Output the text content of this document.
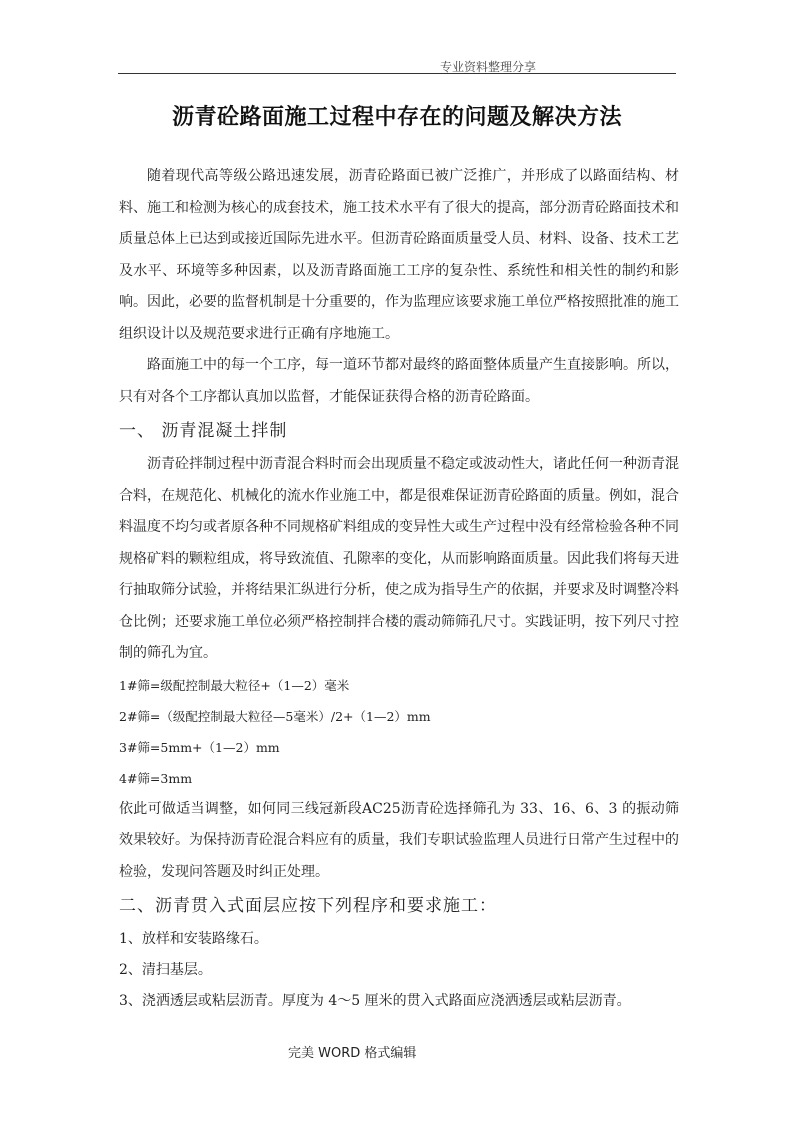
专业资料整理分享
沥青砼路面施工过程中存在的问题及解决方法

随着现代高等级公路迅速发展，沥青砼路面已被广泛推广，并形成了以路面结构、材料、施工和检测为核心的成套技术，施工技术水平有了很大的提高，部分沥青砼路面技术和质量总体上已达到或接近国际先进水平。但沥青砼路面质量受人员、材料、设备、技术工艺及水平、环境等多种因素，以及沥青路面施工工序的复杂性、系统性和相关性的制约和影响。因此，必要的监督机制是十分重要的，作为监理应该要求施工单位严格按照批准的施工组织设计以及规范要求进行正确有序地施工。

路面施工中的每一个工序，每一道环节都对最终的路面整体质量产生直接影响。所以，只有对各个工序都认真加以监督，才能保证获得合格的沥青砼路面。

一、 沥青混凝土拌制

沥青砼拌制过程中沥青混合料时而会出现质量不稳定或波动性大，诸此任何一种沥青混合料，在规范化、机械化的流水作业施工中，都是很难保证沥青砼路面的质量。例如，混合料温度不均匀或者原各种不同规格矿料组成的变异性大或生产过程中没有经常检验各种不同规格矿料的颗粒组成，将导致流值、孔隙率的变化，从而影响路面质量。因此我们将每天进行抽取筛分试验，并将结果汇纵进行分析，使之成为指导生产的依据，并要求及时调整冷料仓比例；还要求施工单位必须严格控制拌合楼的震动筛筛孔尺寸。实践证明，按下列尺寸控制的筛孔为宜。

1#筛=级配控制最大粒径+（1—2）毫米

2#筛=（级配控制最大粒径—5毫米）/2+（1—2）mm

3#筛=5mm+（1—2）mm

4#筛=3mm

依此可做适当调整，如何同三线冠新段AC25沥青砼选择筛孔为 33、16、6、3 的振动筛效果较好。为保持沥青砼混合料应有的质量，我们专职试验监理人员进行日常产生过程中的检验，发现问答题及时纠正处理。

二、沥青贯入式面层应按下列程序和要求施工：

1、放样和安装路缘石。

2、清扫基层。

3、浇洒透层或粘层沥青。厚度为 4～5 厘米的贯入式路面应浇洒透层或粘层沥青。

完美 WORD 格式编辑
